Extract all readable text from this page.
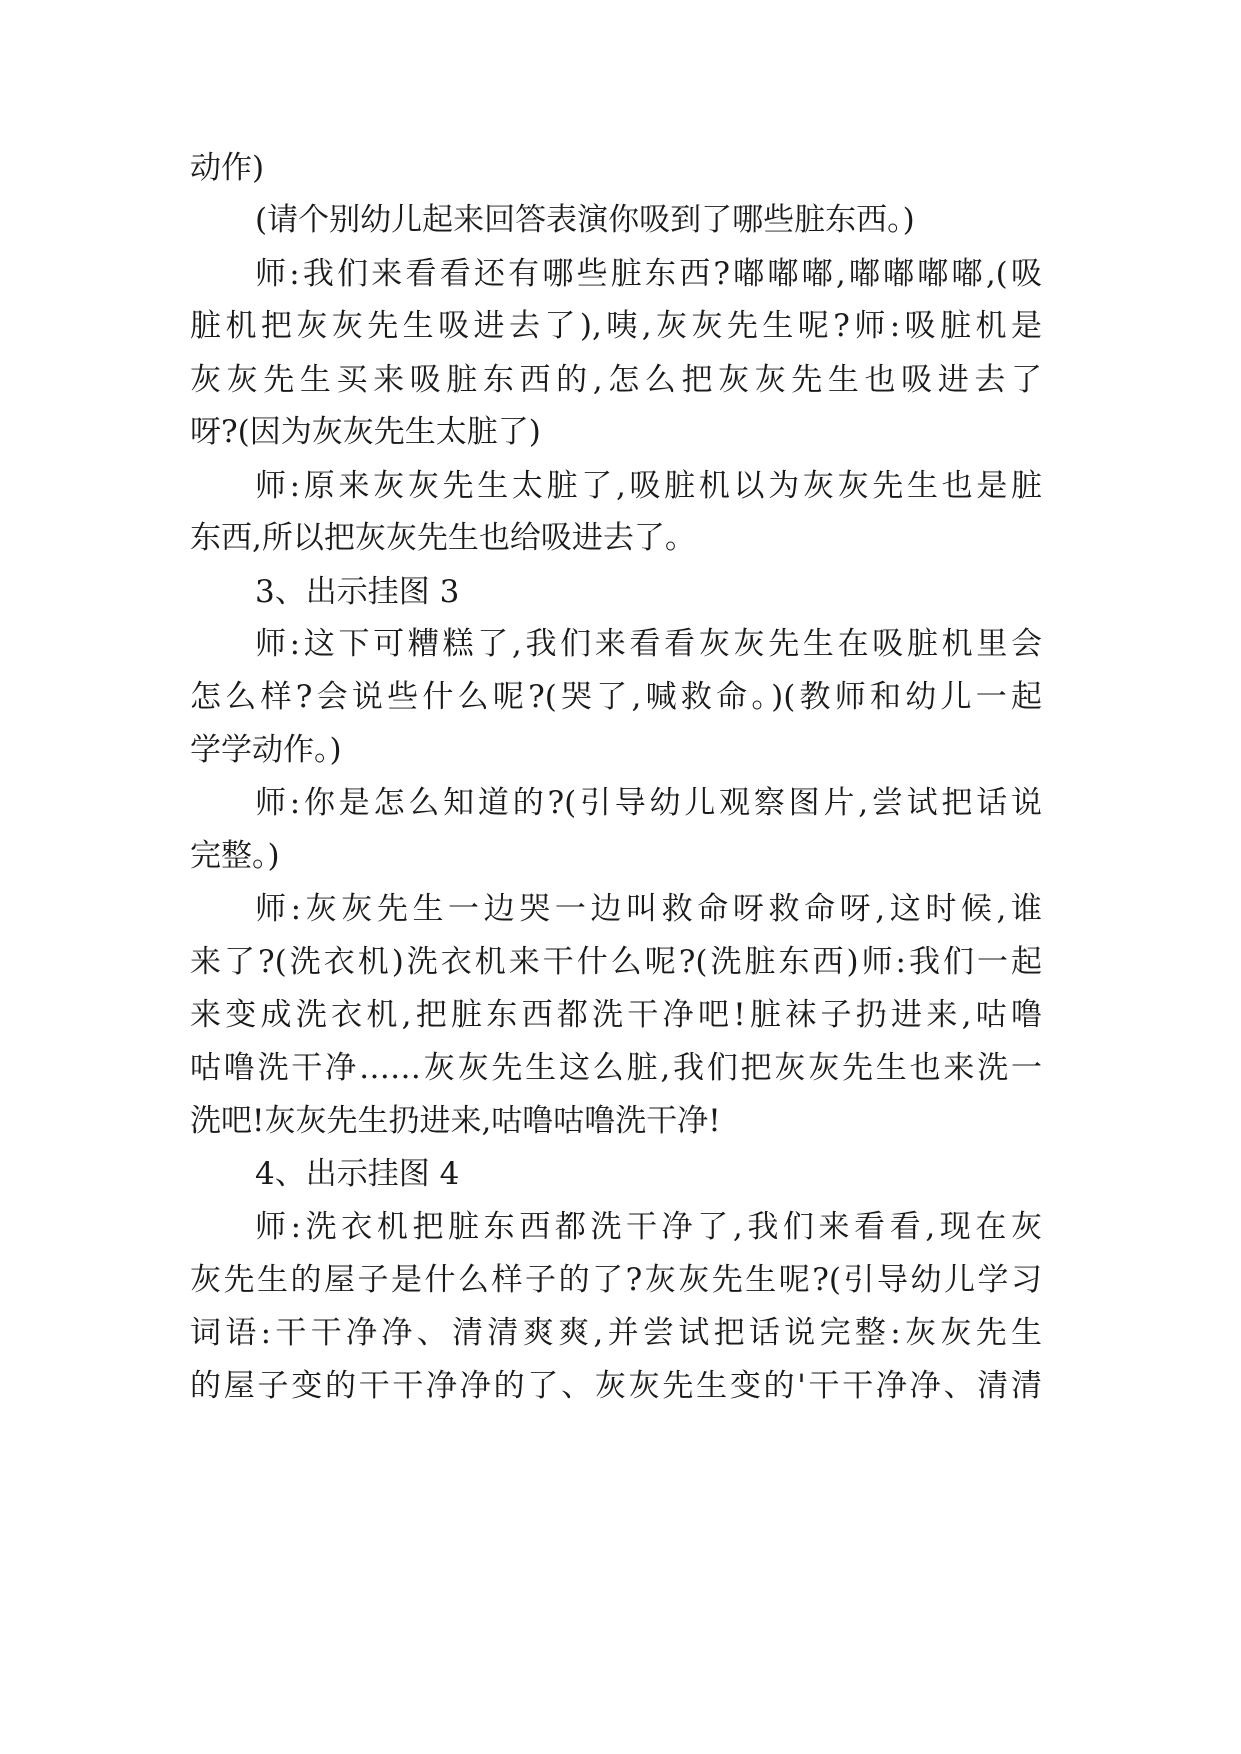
动作)
(请个别幼儿起来回答表演你吸到了哪些脏东西。)
师:我们来看看还有哪些脏东西?嘟嘟嘟,嘟嘟嘟嘟,(吸
脏机把灰灰先生吸进去了),咦,灰灰先生呢?师:吸脏机是
灰灰先生买来吸脏东西的,怎么把灰灰先生也吸进去了
呀?(因为灰灰先生太脏了)
师:原来灰灰先生太脏了,吸脏机以为灰灰先生也是脏
东西,所以把灰灰先生也给吸进去了。
3、出示挂图 3
师:这下可糟糕了,我们来看看灰灰先生在吸脏机里会
怎么样?会说些什么呢?(哭了,喊救命。)(教师和幼儿一起
学学动作。)
师:你是怎么知道的?(引导幼儿观察图片,尝试把话说
完整。)
师:灰灰先生一边哭一边叫救命呀救命呀,这时候,谁
来了?(洗衣机)洗衣机来干什么呢?(洗脏东西)师:我们一起
来变成洗衣机,把脏东西都洗干净吧!脏袜子扔进来,咕噜
咕噜洗干净……灰灰先生这么脏,我们把灰灰先生也来洗一
洗吧!灰灰先生扔进来,咕噜咕噜洗干净!
4、出示挂图 4
师:洗衣机把脏东西都洗干净了,我们来看看,现在灰
灰先生的屋子是什么样子的了?灰灰先生呢?(引导幼儿学习
词语:干干净净、清清爽爽,并尝试把话说完整:灰灰先生
的屋子变的干干净净的了、灰灰先生变的'干干净净、清清
